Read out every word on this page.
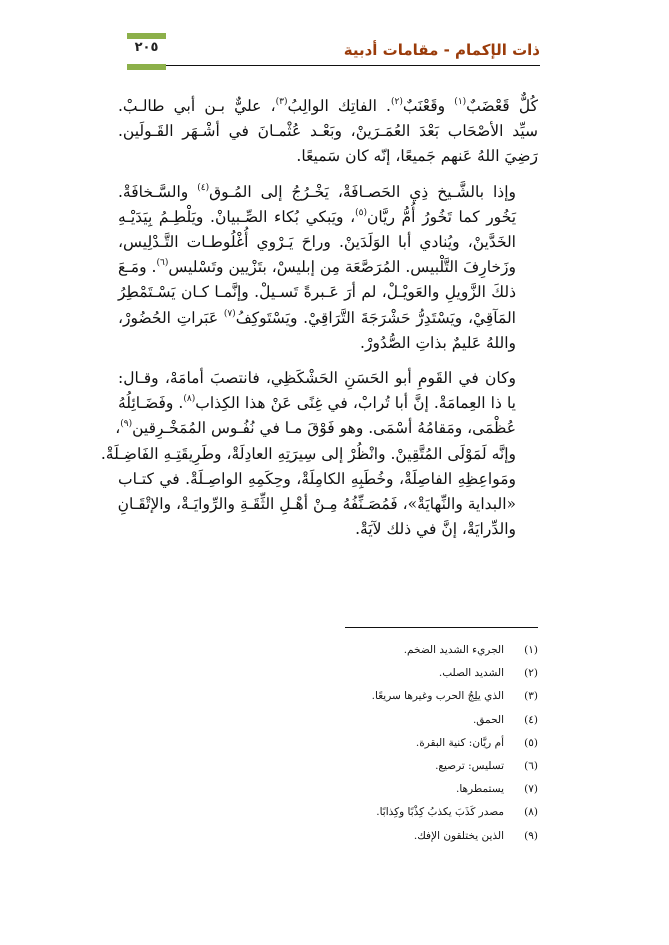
٢٠٥	ذات الإكمام - مقامات أدبية

كُلٌّ قَعْضَبٌ$^{(١)}$ وقَعْنَبٌ$^{(٢)}$. الفاتِك الوالِبُ$^{(٣)}$، عليٌّ بـن أبي طالـبْ.
سيِّد الأصْحَاب بَعْدَ العُمَـرَينْ، وبَعْـد عُثْمـانَ في أشْـهَر القَـولَين.
رَضِيَ اللهُ عَنهم جَميعًا، إنّه كان سَميعًا.

وإذا بالشَّـيخ ذِي الحَصـافَةْ، يَخْـرُجُ إلى المُـوق$^{(٤)}$ والسَّـخافَةْ.
يَخُور كما تَخُورُ أُمُّ ريَّان$^{(٥)}$، ويَبكي بُكاء الصِّـبيانْ. ويَلْطِـمُ بِيَدَيْـهِ
الخَدَّينْ، ويُنادي أبا الوَلَدَينْ. وراحَ يَـرْوي أُغْلُوطـات التَّـدْلِيس،
وزَخارِفَ التَّلْبيس. المُرَصَّعَة مِن إبليسْ، بتَزْيين وتَسْليس$^{(٦)}$. ومَـعَ
ذلكَ الزَّويلِ والعَويْـلْ، لم أرَ عَـبرةً تَسـيلْ. وإنَّمـا كـان يَسْـتَمْطِرُ
المَآقِيْ، ويَسْتَدِرُّ حَشْرَجَةَ التَّرَاقِيْ. ويَسْتَوكِفُ$^{(٧)}$ عَبَراتِ الحُضُورْ،
واللهُ عَليمٌ بذاتِ الصُّدُورْ.

وكان في القَومِ أبو الحَسَنِ الحَشْكَظِي، فانتصبَ أمامَهْ، وقـال:
يا ذا العِمامَةْ. إنَّ أبا تُرابْ، في غِنًى عَنْ هذا الكِذاب$^{(٨)}$. وفَضَـائِلُهُ
عُظْمَى، ومَقامُهُ أسْمَى. وهو فَوْقَ مـا في نُفُـوس المُمَخْـرِقين$^{(٩)}$،
وإنَّه لَمَوْلَى المُتَّقِينْ. وانْظُرْ إلى سِيرَتِهِ العادِلَةْ، وطَرِيقَتِـهِ الفَاضِـلَةْ.
ومَواعِظِهِ الفاصِلَةْ، وخُطَبِهِ الكامِلَةْ، وحِكَمِهِ الواصِـلَةْ. في كتـاب
«البداية والنِّهايَةْ»، فَمُصَـنِّفُهُ مِـنْ أهْـلِ الثِّقَـةِ والرِّوايَـةْ، والإتْقَـانِ
والدِّرايَةْ، إنَّ في ذلك لآيَةْ.

(١)
الجريء الشديد الضخم.
(٢)
الشديد الصلب.
(٣)
الذي يلِجُ الحرب وغيرها سريعًا.
(٤)
الحمق.
(٥)
أم ريَّان: كنية البقرة.
(٦)
تسليس: ترصيع.
(٧)
يستمطرها.
(٨)
مصدر كَذَبَ يكذبُ كِذْبًا وكِذابًا.
(٩)
الذين يختلقون الإفك.
